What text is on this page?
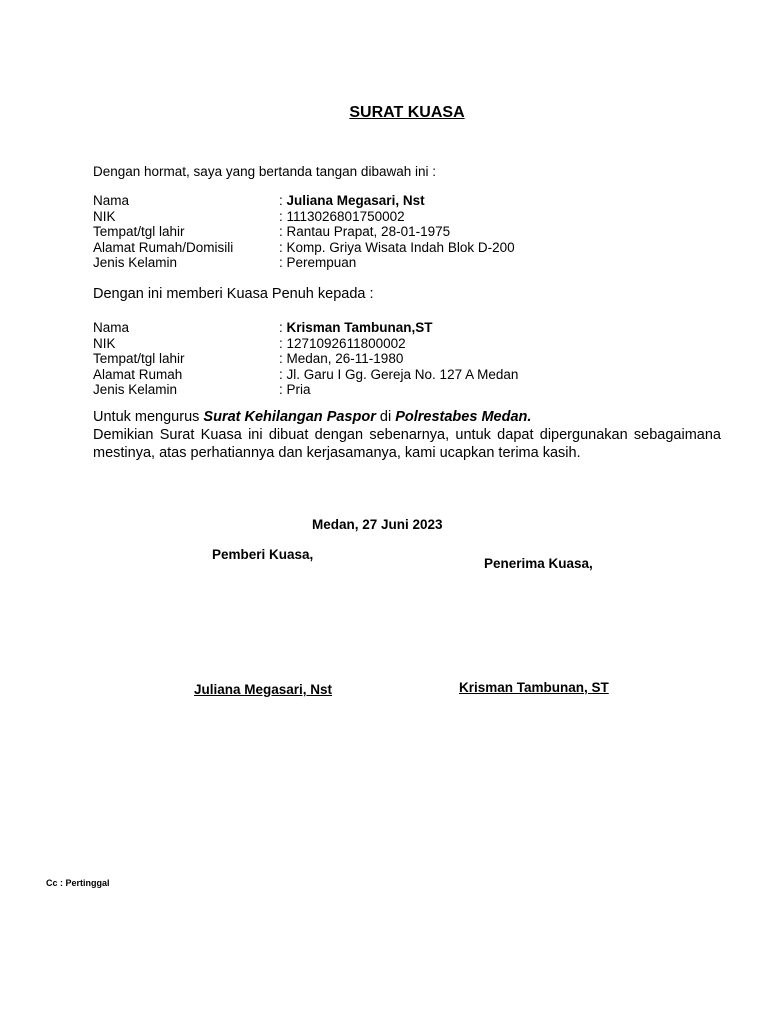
SURAT KUASA
Dengan hormat, saya yang bertanda tangan dibawah ini :
Nama	: Juliana Megasari, Nst
NIK	: 1113026801750002
Tempat/tgl lahir	: Rantau Prapat, 28-01-1975
Alamat Rumah/Domisili	: Komp. Griya Wisata Indah Blok D-200
Jenis Kelamin	: Perempuan
Dengan ini memberi Kuasa Penuh kepada :
Nama	: Krisman Tambunan,ST
NIK	: 1271092611800002
Tempat/tgl lahir	: Medan, 26-11-1980
Alamat Rumah	: Jl. Garu I Gg. Gereja No. 127 A Medan
Jenis Kelamin	: Pria
Untuk mengurus Surat Kehilangan Paspor di Polrestabes Medan.
Demikian Surat Kuasa ini dibuat dengan sebenarnya, untuk dapat dipergunakan sebagaimana mestinya, atas perhatiannya dan kerjasamanya, kami ucapkan terima kasih.
Medan, 27 Juni 2023
Pemberi Kuasa,
Penerima Kuasa,
Juliana Megasari, Nst	Krisman Tambunan, ST
Cc : Pertinggal
